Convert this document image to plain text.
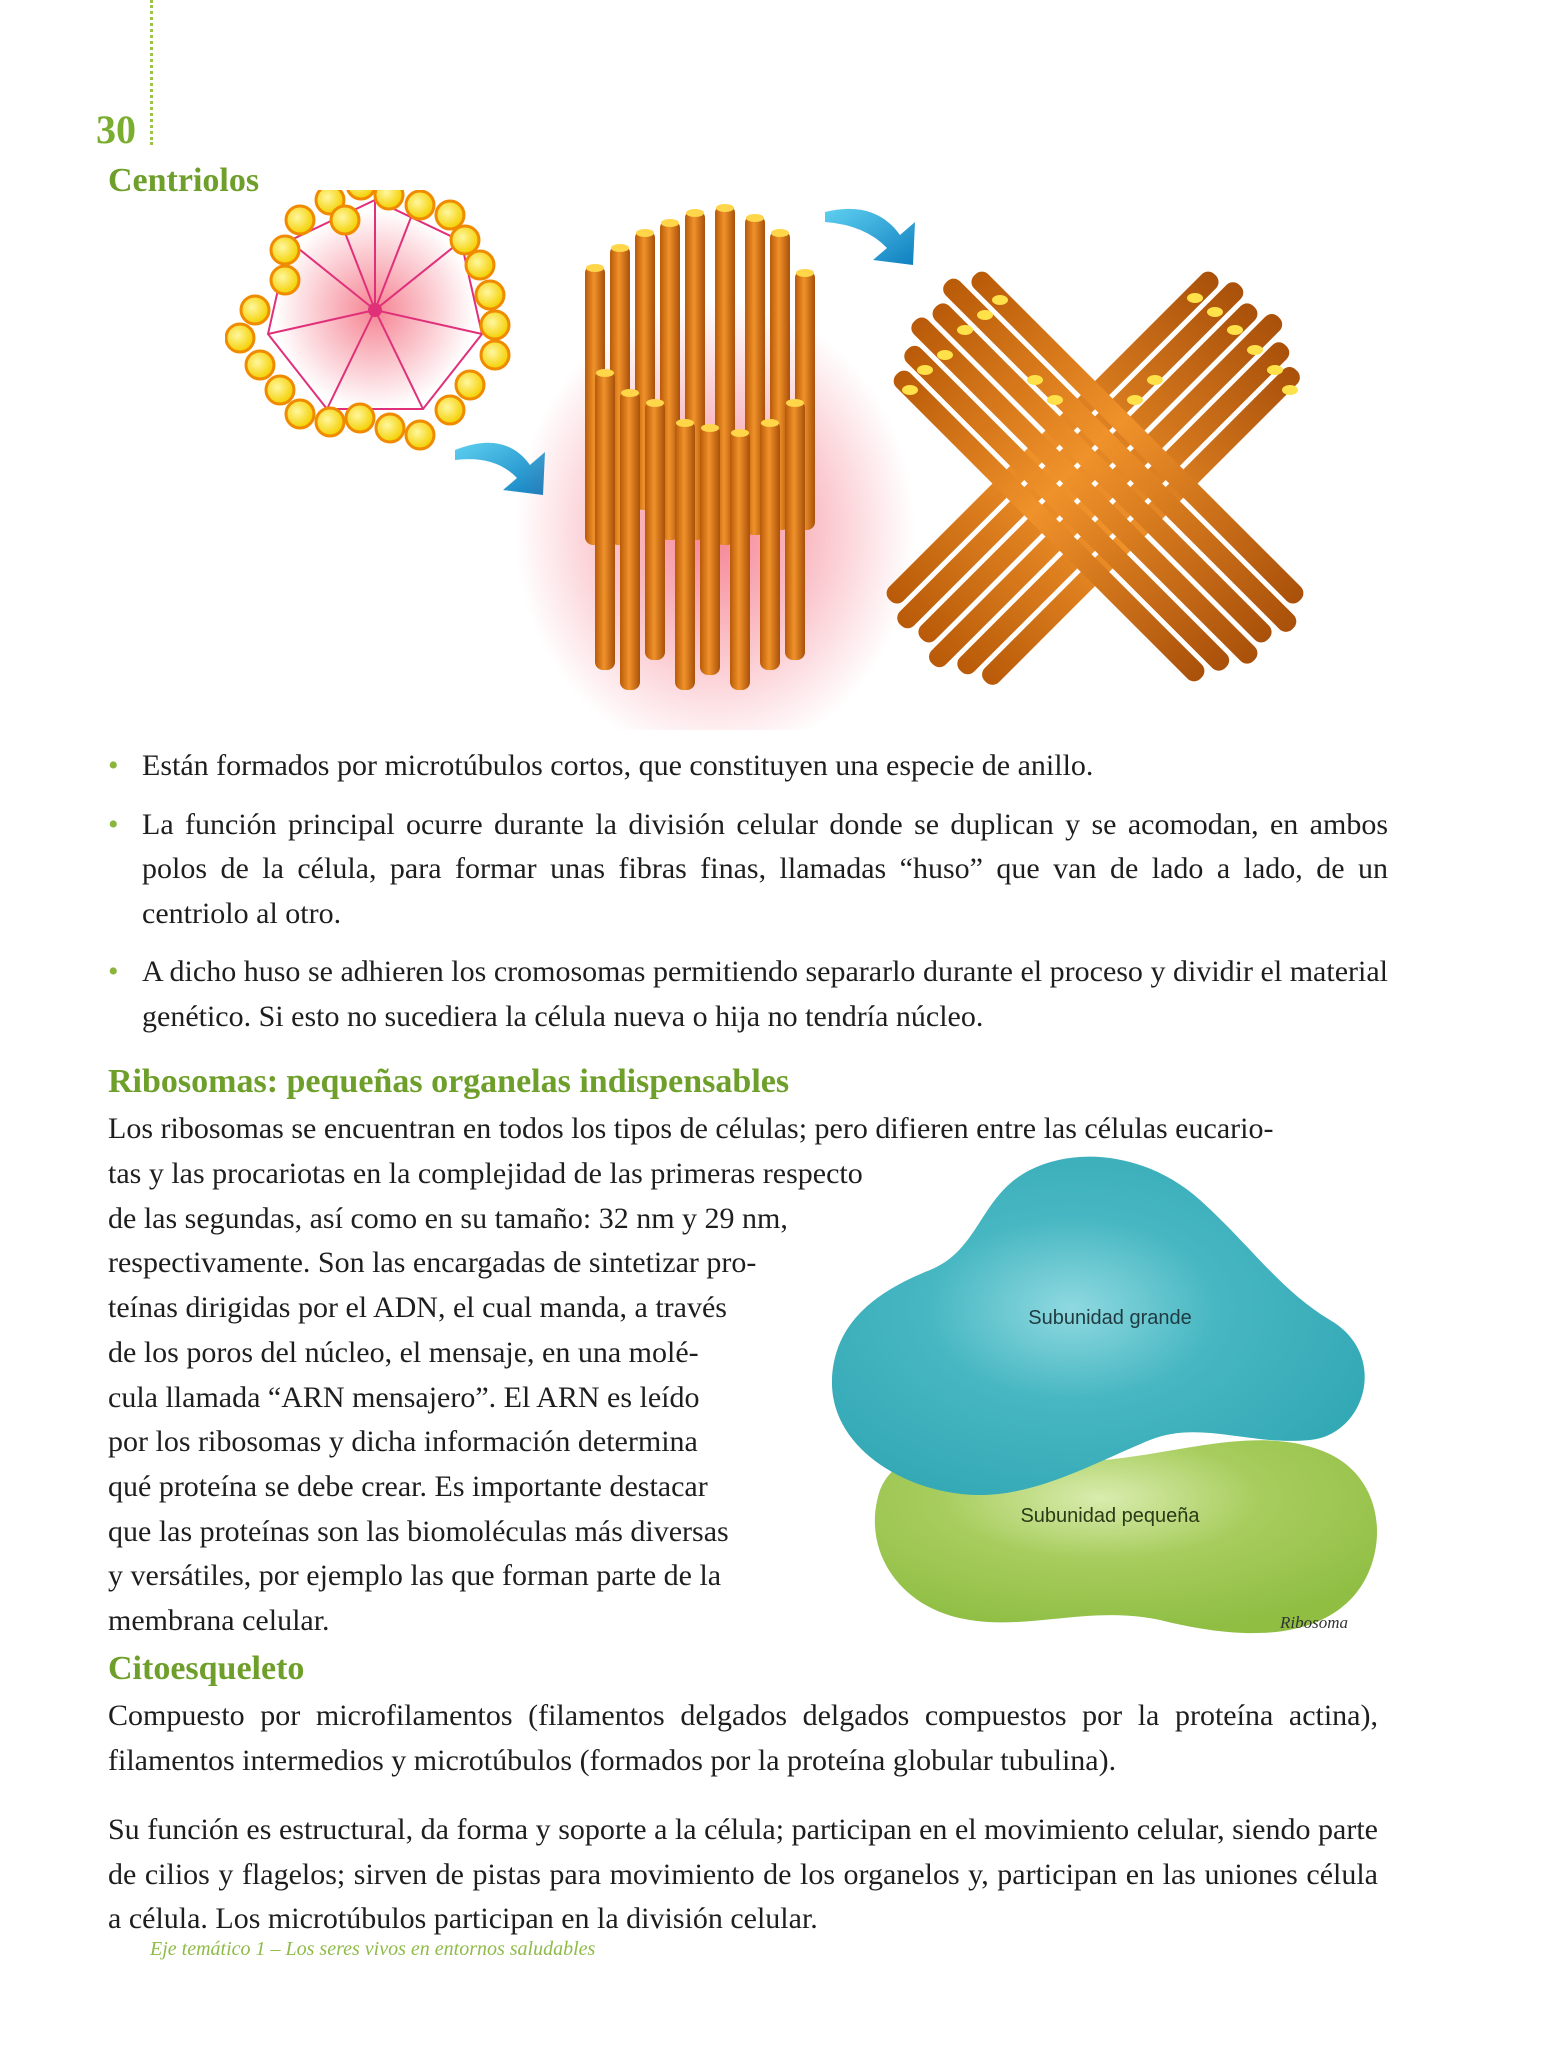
30
Centriolos
• Están formados por microtúbulos cortos, que constituyen una especie de anillo.
• La función principal ocurre durante la división celular donde se duplican y se acomodan, en ambos polos de la célula, para formar unas fibras finas, llamadas “huso” que van de lado a lado, de un centriolo al otro.
• A dicho huso se adhieren los cromosomas permitiendo separarlo durante el proceso y dividir el material genético. Si esto no sucediera la célula nueva o hija no tendría núcleo.
Ribosomas: pequeñas organelas indispensables

Los ribosomas se encuentran en todos los tipos de células; pero difieren entre las células eucario-

tas y las procariotas en la complejidad de las primeras respecto
de las segundas, así como en su tamaño: 32 nm y 29 nm,
respectivamente. Son las encargadas de sintetizar pro-
teínas dirigidas por el ADN, el cual manda, a través
de los poros del núcleo, el mensaje, en una molé-
cula llamada “ARN mensajero”. El ARN es leído
por los ribosomas y dicha información determina
qué proteína se debe crear. Es importante destacar
que las proteínas son las biomoléculas más diversas
y versátiles, por ejemplo las que forman parte de la
membrana celular.
Subunidad grande
Subunidad pequeña
Ribosoma
Citoesqueleto

Compuesto por microfilamentos (filamentos delgados delgados compuestos por la proteína actina), filamentos intermedios y microtúbulos (formados por la proteína globular tubulina).

Su función es estructural, da forma y soporte a la célula; participan en el movimiento celular, siendo parte de cilios y flagelos; sirven de pistas para movimiento de los organelos y, participan en las uniones célula a célula. Los microtúbulos participan en la división celular.

Eje temático 1 – Los seres vivos en entornos saludables
